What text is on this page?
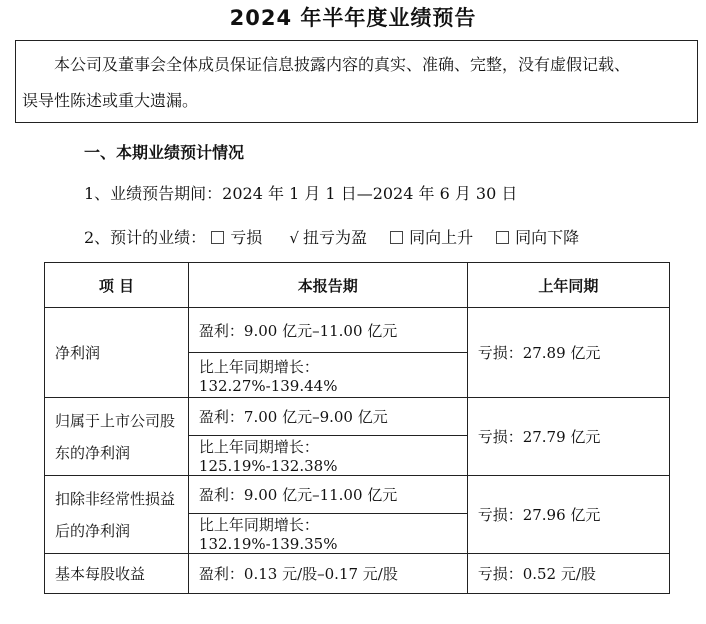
2024 年半年度业绩预告
本公司及董事会全体成员保证信息披露内容的真实、准确、完整，没有虚假记载、
误导性陈述或重大遗漏。
一、本期业绩预计情况
1、业绩预告期间：2024 年 1 月 1 日—2024 年 6 月 30 日
2、预计的业绩： 亏损 √ 扭亏为盈	同向上升	同向下降
项 目	本报告期	上年同期
净利润	盈利：9.00 亿元–11.00 亿元	亏损：27.89 亿元
	比上年同期增长：132.27%-139.44%	
归属于上市公司股东的净利润	盈利：7.00 亿元–9.00 亿元	亏损：27.79 亿元
	比上年同期增长：125.19%-132.38%	
扣除非经常性损益后的净利润	盈利：9.00 亿元–11.00 亿元	亏损：27.96 亿元
	比上年同期增长：132.19%-139.35%	
基本每股收益	盈利：0.13 元/股–0.17 元/股	亏损：0.52 元/股
